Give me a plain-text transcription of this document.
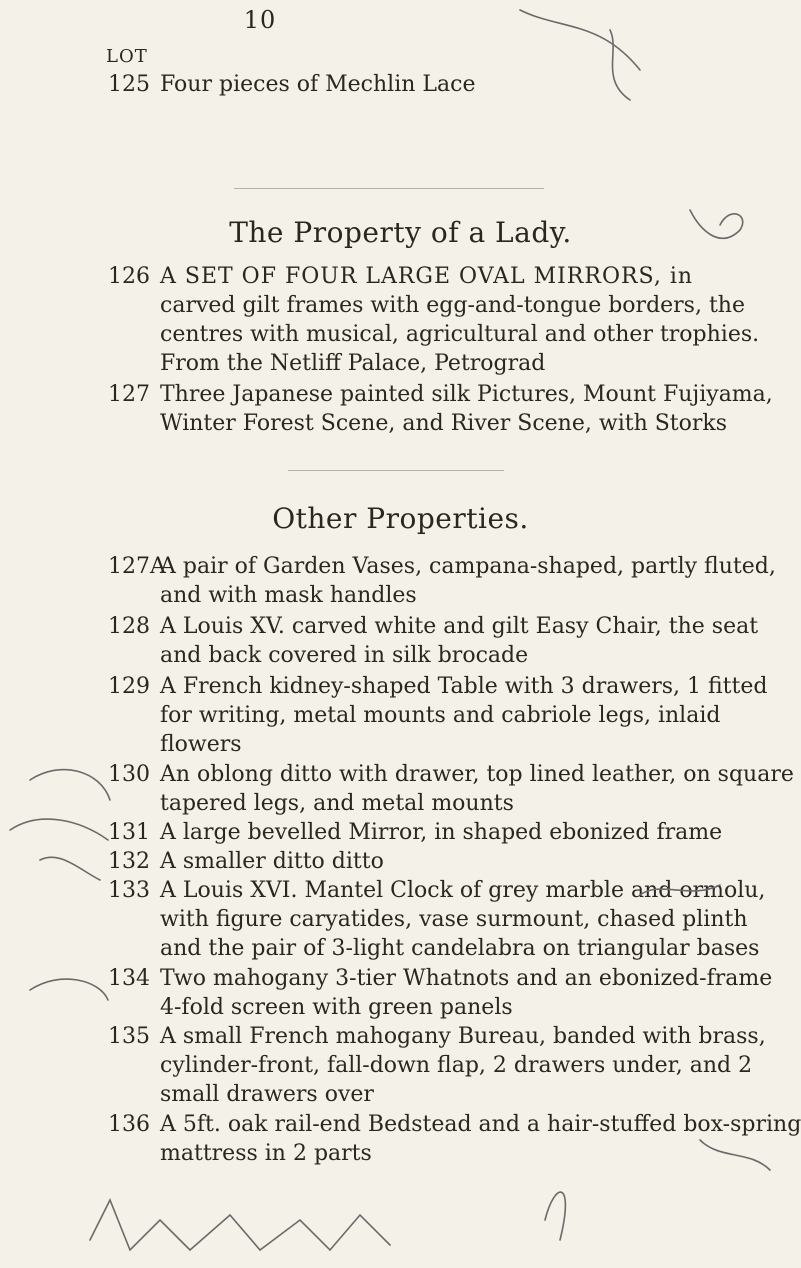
10
LOT
125 Four pieces of Mechlin Lace
The Property of a Lady.
126 A SET OF FOUR LARGE OVAL MIRRORS, in
carved gilt frames with egg-and-tongue borders, the
centres with musical, agricultural and other trophies.
From the Netliff Palace, Petrograd
127 Three Japanese painted silk Pictures, Mount Fujiyama,
Winter Forest Scene, and River Scene, with Storks
Other Properties.
127AA pair of Garden Vases, campana-shaped, partly fluted,
and with mask handles
128 A Louis XV. carved white and gilt Easy Chair, the seat
and back covered in silk brocade
129 A French kidney-shaped Table with 3 drawers, 1 fitted
for writing, metal mounts and cabriole legs, inlaid
flowers
130 An oblong ditto with drawer, top lined leather, on square
tapered legs, and metal mounts
131 A large bevelled Mirror, in shaped ebonized frame
132 A smaller ditto ditto
133 A Louis XVI. Mantel Clock of grey marble and ormolu,
with figure caryatides, vase surmount, chased plinth
and the pair of 3-light candelabra on triangular bases
134 Two mahogany 3-tier Whatnots and an ebonized-frame
4-fold screen with green panels
135 A small French mahogany Bureau, banded with brass,
cylinder-front, fall-down flap, 2 drawers under, and 2
small drawers over
136 A 5ft. oak rail-end Bedstead and a hair-stuffed box-spring
mattress in 2 parts
